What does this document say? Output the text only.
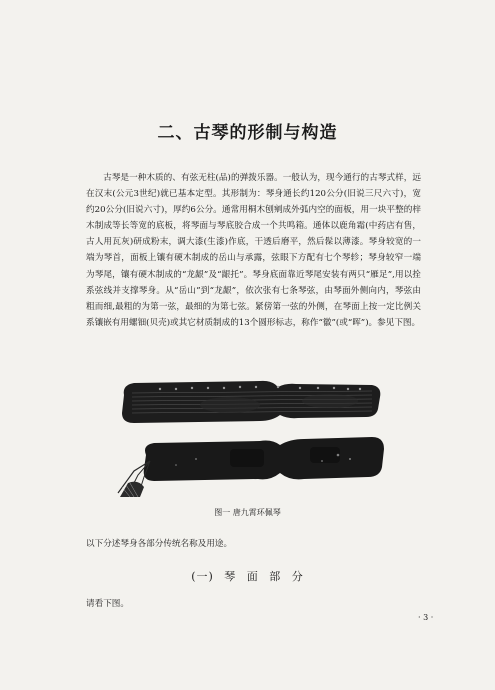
二、古琴的形制与构造

古琴是一种木质的、有弦无柱(品)的弹拨乐器。一般认为，现今通行的古琴式样，远在汉末(公元3世纪)就已基本定型。其形制为：琴身通长约120公分(旧说三尺六寸)，宽约20公分(旧说六寸)，厚约6公分。通常用桐木刨剜成外弧内空的面板，用一块平整的梓木制成等长等宽的底板，将琴面与琴底胶合成一个共鸣箱。通体以鹿角霜(中药店有售，古人用瓦灰)研成粉末，调大漆(生漆)作底，干透后磨平，然后髹以薄漆。琴身较宽的一端为琴首，面板上镶有硬木制成的岳山与承露，弦眼下方配有七个琴轸；琴身较窄一端为琴尾，镶有硬木制成的“龙龈”及“龈托”。琴身底面靠近琴尾安装有两只“雁足”,用以拴系弦线并支撑琴身。从“岳山”到“龙龈”，依次张有七条琴弦，由琴面外侧向内，琴弦由粗而细,最粗的为第一弦，最细的为第七弦。紧傍第一弦的外侧，在琴面上按一定比例关系镶嵌有用螺钿(贝壳)或其它材质制成的13个圆形标志，称作“徽”(或“晖”)。参见下图。

图一 唐九霄环佩琴
以下分述琴身各部分传统名称及用途。
(一) 琴 面 部 分
请看下图。
· 3 ·
